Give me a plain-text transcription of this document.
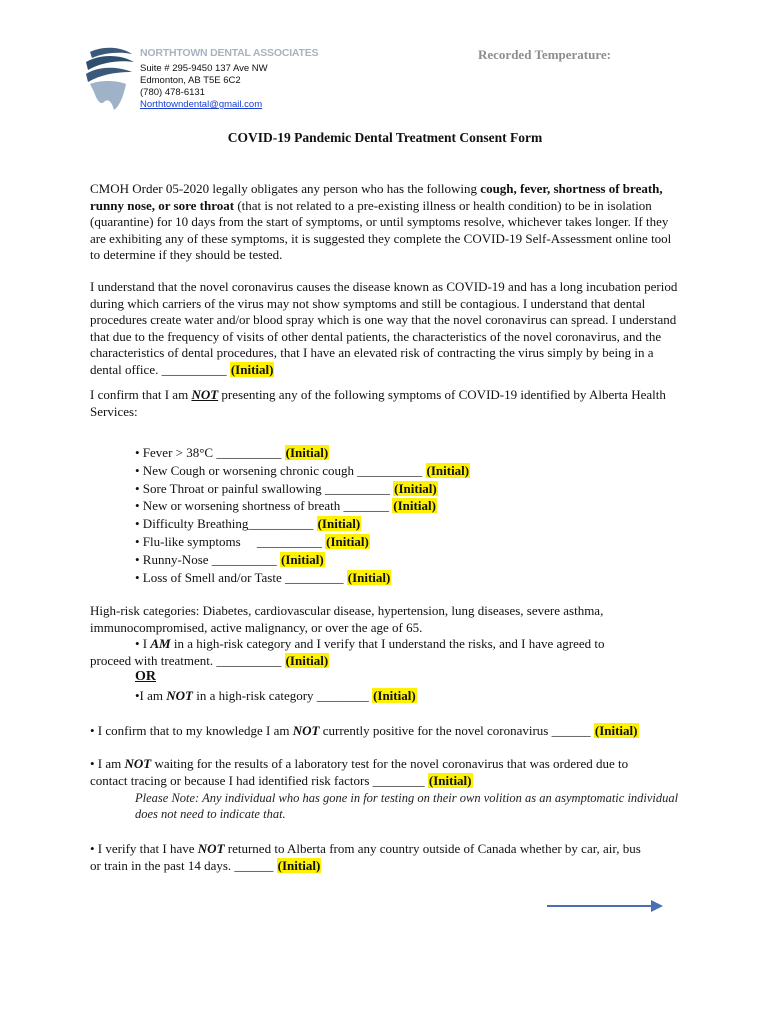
NORTHTOWN DENTAL ASSOCIATES
Suite # 295-9450 137 Ave NW
Edmonton, AB T5E 6C2
(780) 478-6131
Northtowndental@gmail.com
Recorded Temperature:
COVID-19 Pandemic Dental Treatment Consent Form
CMOH Order 05-2020 legally obligates any person who has the following cough, fever, shortness of breath, runny nose, or sore throat (that is not related to a pre-existing illness or health condition) to be in isolation (quarantine) for 10 days from the start of symptoms, or until symptoms resolve, whichever takes longer. If they are exhibiting any of these symptoms, it is suggested they complete the COVID-19 Self-Assessment online tool to determine if they should be tested.
I understand that the novel coronavirus causes the disease known as COVID-19 and has a long incubation period during which carriers of the virus may not show symptoms and still be contagious. I understand that dental procedures create water and/or blood spray which is one way that the novel coronavirus can spread. I understand that due to the frequency of visits of other dental patients, the characteristics of the novel coronavirus, and the characteristics of dental procedures, that I have an elevated risk of contracting the virus simply by being in a dental office. __________ (Initial)
I confirm that I am NOT presenting any of the following symptoms of COVID-19 identified by Alberta Health Services:
• Fever > 38°C __________ (Initial)
• New Cough or worsening chronic cough __________ (Initial)
• Sore Throat or painful swallowing __________ (Initial)
• New or worsening shortness of breath _______ (Initial)
• Difficulty Breathing__________ (Initial)
• Flu-like symptoms     __________ (Initial)
• Runny-Nose __________ (Initial)
• Loss of Smell and/or Taste _________ (Initial)
High-risk categories: Diabetes, cardiovascular disease, hypertension, lung diseases, severe asthma, immunocompromised, active malignancy, or over the age of 65.
• I AM in a high-risk category and I verify that I understand the risks, and I have agreed to
proceed with treatment. __________ (Initial)
OR
•I am NOT in a high-risk category ________ (Initial)
• I confirm that to my knowledge I am NOT currently positive for the novel coronavirus ______ (Initial)
• I am NOT waiting for the results of a laboratory test for the novel coronavirus that was ordered due to
contact tracing or because I had identified risk factors ________ (Initial)
Please Note: Any individual who has gone in for testing on their own volition as an asymptomatic individual does not need to indicate that.
• I verify that I have NOT returned to Alberta from any country outside of Canada whether by car, air, bus
or train in the past 14 days. ______ (Initial)
